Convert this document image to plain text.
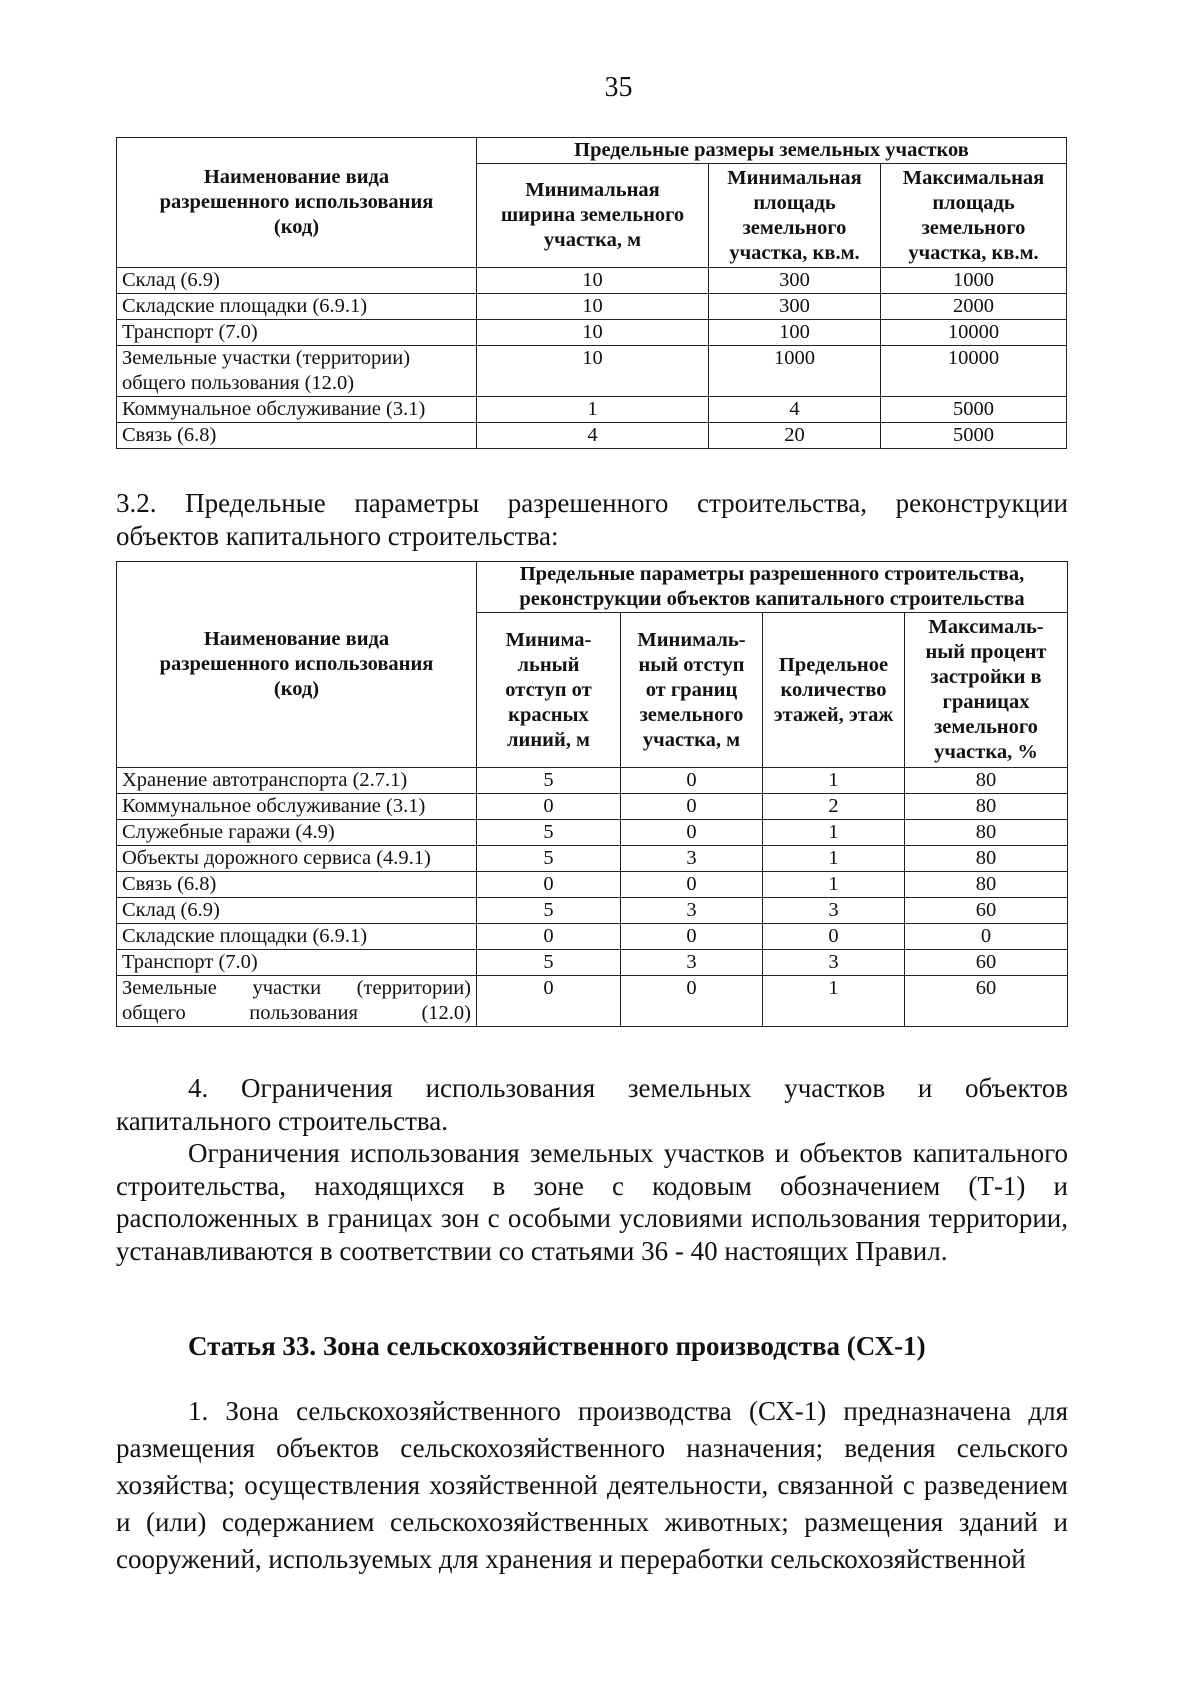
35
Наименование вида разрешенного использования (код)	Предельные размеры земельных участков		
	Минимальная ширина земельного участка, м	Минимальная площадь земельного участка, кв.м.	Максимальная площадь земельного участка, кв.м.
Склад (6.9)	10	300	1000
Складские площадки (6.9.1)	10	300	2000
Транспорт (7.0)	10	100	10000
Земельные участки (территории) общего пользования (12.0)	10	1000	10000
Коммунальное обслуживание (3.1)	1	4	5000
Связь (6.8)	4	20	5000

3.2. Предельные параметры разрешенного строительства, реконструкции объектов капитального строительства:

Наименование вида разрешенного использования (код)	Предельные параметры разрешенного строительства, реконструкции объектов капитального строительства			
	Минима-льный отступ от красных линий, м	Минималь-ный отступ от границ земельного участка, м	Предельное количество этажей, этаж	Максималь-ный процент застройки в границах земельного участка, %
Хранение автотранспорта (2.7.1)	5	0	1	80
Коммунальное обслуживание (3.1)	0	0	2	80
Служебные гаражи (4.9)	5	0	1	80
Объекты дорожного сервиса (4.9.1)	5	3	1	80
Связь (6.8)	0	0	1	80
Склад (6.9)	5	3	3	60
Складские площадки (6.9.1)	0	0	0	0
Транспорт (7.0)	5	3	3	60
Земельные участки (территории) общего пользования (12.0)	0	0	1	60

4. Ограничения использования земельных участков и объектов капитального строительства.

Ограничения использования земельных участков и объектов капитального строительства, находящихся в зоне с кодовым обозначением (Т-1) и расположенных в границах зон с особыми условиями использования территории, устанавливаются в соответствии со статьями 36 - 40 настоящих Правил.

Статья 33. Зона сельскохозяйственного производства (СХ-1)

1. Зона сельскохозяйственного производства (СХ-1) предназначена для размещения объектов сельскохозяйственного назначения; ведения сельского хозяйства; осуществления хозяйственной деятельности, связанной с разведением и (или) содержанием сельскохозяйственных животных; размещения зданий и сооружений, используемых для хранения и переработки сельскохозяйственной
